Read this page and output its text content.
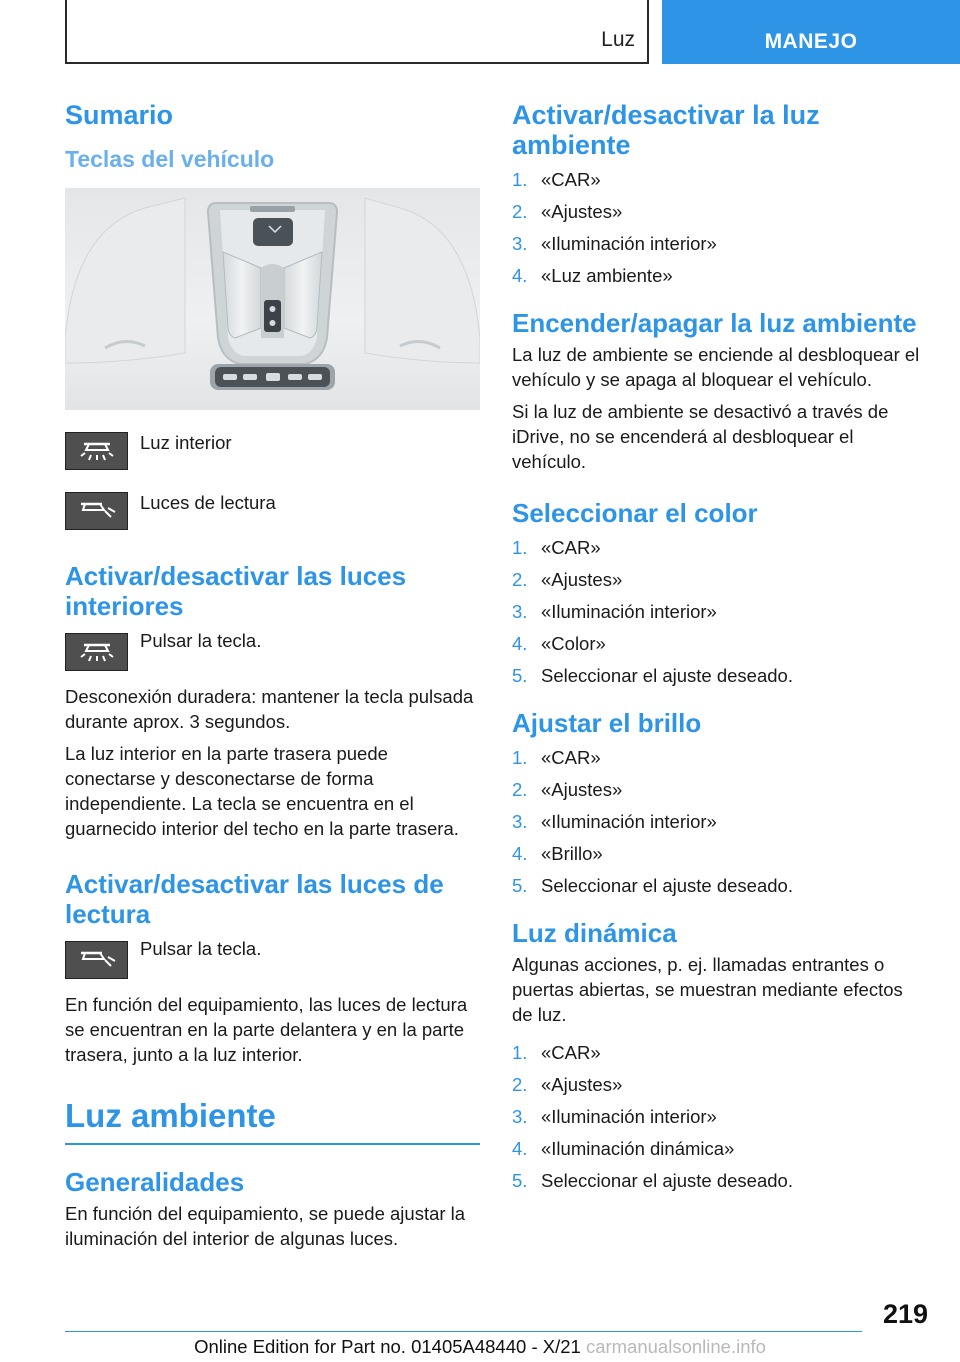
Luz	MANEJO
Sumario
Teclas del vehículo
Luz interior
Luces de lectura
Activar/desactivar las luces interiores
Pulsar la tecla.

Desconexión duradera: mantener la tecla pulsada durante aprox. 3 segundos.

La luz interior en la parte trasera puede conectarse y desconectarse de forma independiente. La tecla se encuentra en el guarnecido interior del techo en la parte trasera.

Activar/desactivar las luces de lectura
Pulsar la tecla.

En función del equipamiento, las luces de lectura se encuentran en la parte delantera y en la parte trasera, junto a la luz interior.

Luz ambiente
Generalidades

En función del equipamiento, se puede ajustar la iluminación del interior de algunas luces.

Activar/desactivar la luz ambiente
1. «CAR»
2. «Ajustes»
3. «Iluminación interior»
4. «Luz ambiente»
Encender/apagar la luz ambiente

La luz de ambiente se enciende al desbloquear el vehículo y se apaga al bloquear el vehículo.

Si la luz de ambiente se desactivó a través de iDrive, no se encenderá al desbloquear el vehículo.

Seleccionar el color
1. «CAR»
2. «Ajustes»
3. «Iluminación interior»
4. «Color»
5. Seleccionar el ajuste deseado.
Ajustar el brillo
1. «CAR»
2. «Ajustes»
3. «Iluminación interior»
4. «Brillo»
5. Seleccionar el ajuste deseado.
Luz dinámica

Algunas acciones, p. ej. llamadas entrantes o puertas abiertas, se muestran mediante efectos de luz.

1. «CAR»
2. «Ajustes»
3. «Iluminación interior»
4. «Iluminación dinámica»
5. Seleccionar el ajuste deseado.
219
Online Edition for Part no. 01405A48440 - X/21 carmanualsonline.info
